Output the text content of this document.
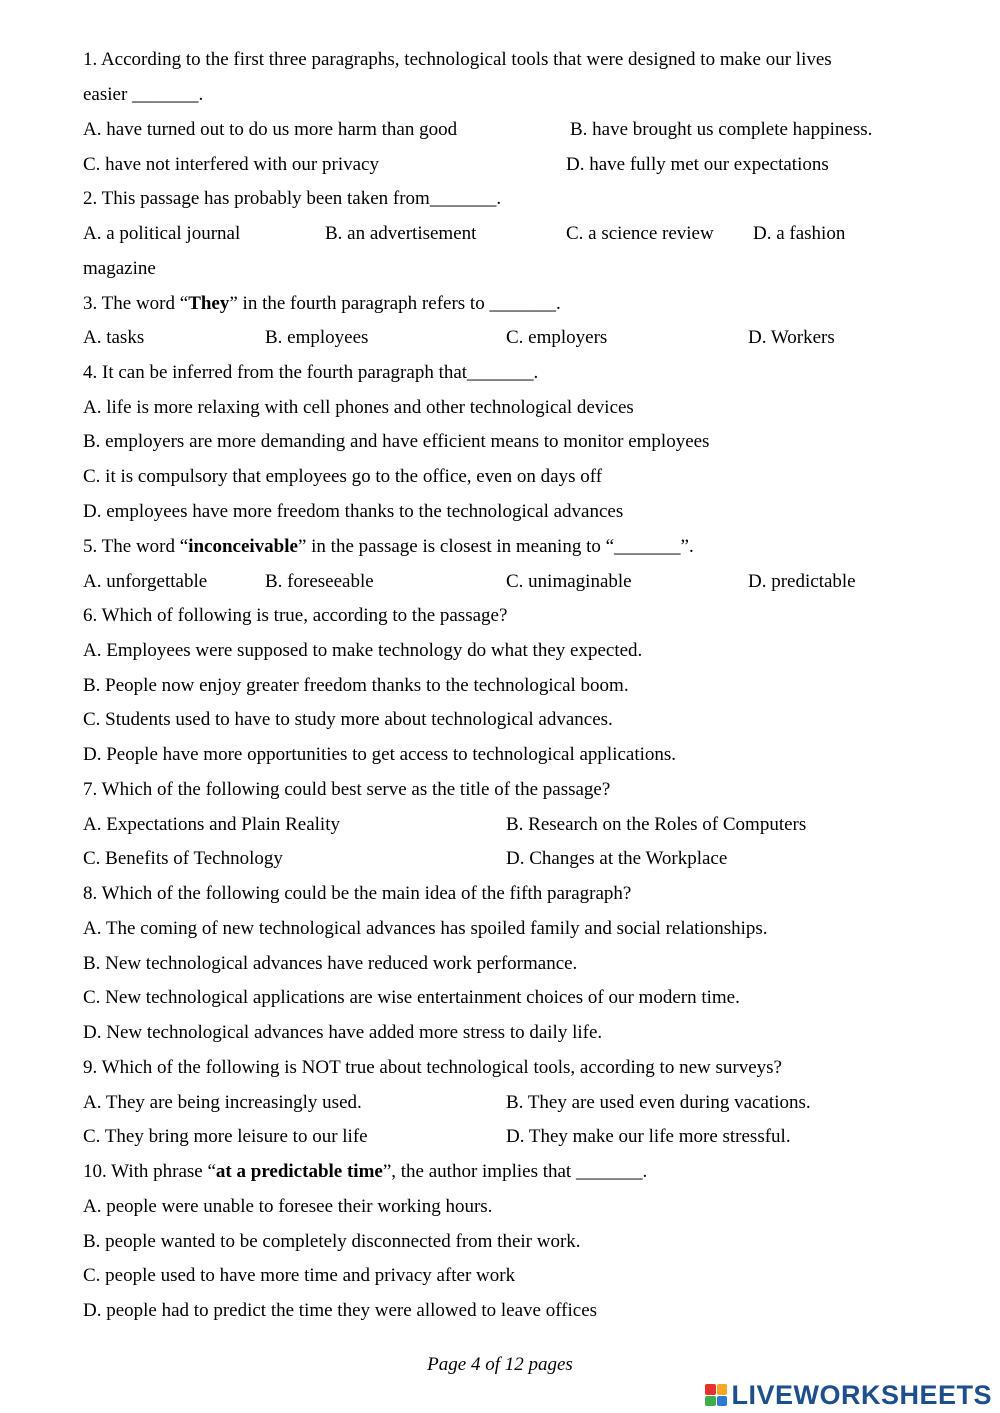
1. According to the first three paragraphs, technological tools that were designed to make our lives
easier _______.
A. have turned out to do us more harm than good	B. have brought us complete happiness.
C. have not interfered with our privacy	D. have fully met our expectations
2. This passage has probably been taken from_______.
A. a political journal	B. an advertisement	C. a science review D. a fashion
magazine
3. The word “They” in the fourth paragraph refers to _______.
A. tasks	B. employees	C. employers	D. Workers
4. It can be inferred from the fourth paragraph that_______.
A. life is more relaxing with cell phones and other technological devices
B. employers are more demanding and have efficient means to monitor employees
C. it is compulsory that employees go to the office, even on days off
D. employees have more freedom thanks to the technological advances
5. The word “inconceivable” in the passage is closest in meaning to “_______”.
A. unforgettable	B. foreseeable	C. unimaginable	D. predictable
6. Which of following is true, according to the passage?
A. Employees were supposed to make technology do what they expected.
B. People now enjoy greater freedom thanks to the technological boom.
C. Students used to have to study more about technological advances.
D. People have more opportunities to get access to technological applications.
7. Which of the following could best serve as the title of the passage?
A. Expectations and Plain Reality	B. Research on the Roles of Computers
C. Benefits of Technology	D. Changes at the Workplace
8. Which of the following could be the main idea of the fifth paragraph?
A. The coming of new technological advances has spoiled family and social relationships.
B. New technological advances have reduced work performance.
C. New technological applications are wise entertainment choices of our modern time.
D. New technological advances have added more stress to daily life.
9. Which of the following is NOT true about technological tools, according to new surveys?
A. They are being increasingly used.	B. They are used even during vacations.
C. They bring more leisure to our life	D. They make our life more stressful.
10. With phrase “at a predictable time”, the author implies that _______.
A. people were unable to foresee their working hours.
B. people wanted to be completely disconnected from their work.
C. people used to have more time and privacy after work
D. people had to predict the time they were allowed to leave offices
Page 4 of 12 pages
LIVEWORKSHEETS
